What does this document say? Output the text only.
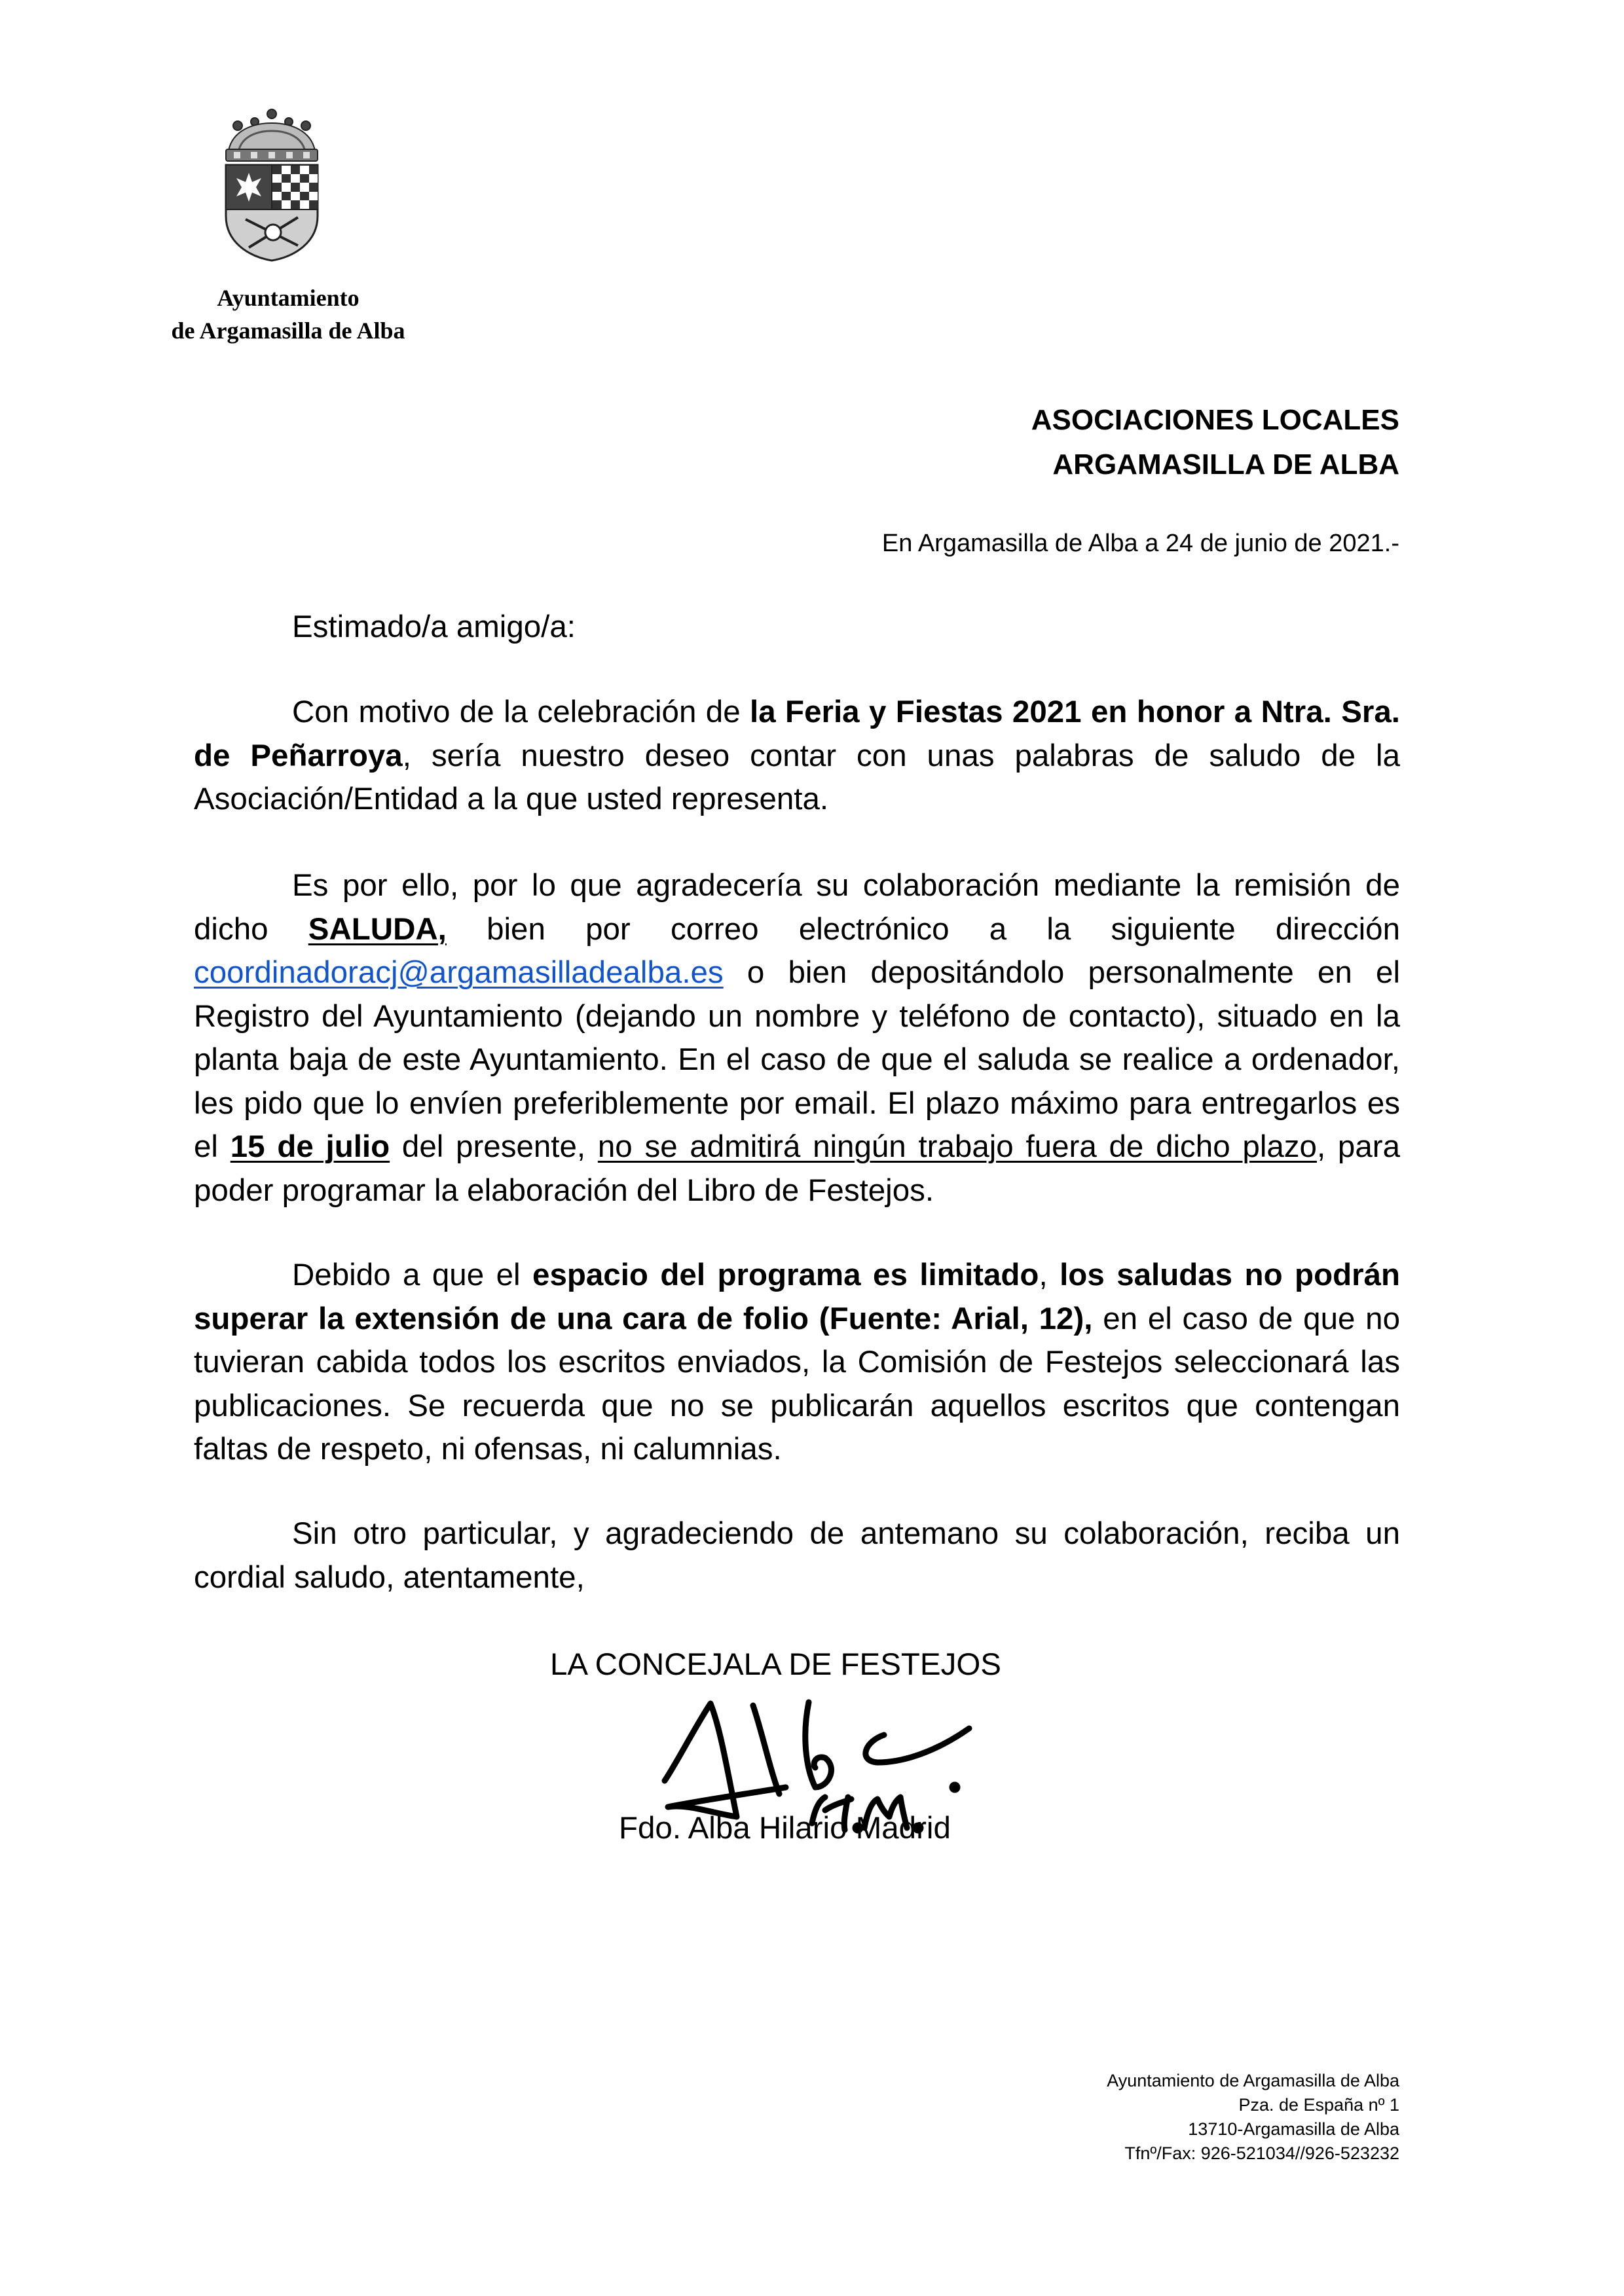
Ayuntamiento
de Argamasilla de Alba
ASOCIACIONES LOCALES
ARGAMASILLA DE ALBA
En Argamasilla de Alba a 24 de junio de 2021.-
Estimado/a amigo/a:

Con motivo de la celebración de la Feria y Fiestas 2021 en honor a Ntra. Sra. de Peñarroya, sería nuestro deseo contar con unas palabras de saludo de la Asociación/Entidad a la que usted representa.

Es por ello, por lo que agradecería su colaboración mediante la remisión de dicho SALUDA, bien por correo electrónico a la siguiente dirección coordinadoracj@argamasilladealba.es o bien depositándolo personalmente en el Registro del Ayuntamiento (dejando un nombre y teléfono de contacto), situado en la planta baja de este Ayuntamiento. En el caso de que el saluda se realice a ordenador, les pido que lo envíen preferiblemente por email. El plazo máximo para entregarlos es el 15 de julio del presente, no se admitirá ningún trabajo fuera de dicho plazo, para poder programar la elaboración del Libro de Festejos.

Debido a que el espacio del programa es limitado, los saludas no podrán superar la extensión de una cara de folio (Fuente: Arial, 12), en el caso de que no tuvieran cabida todos los escritos enviados, la Comisión de Festejos seleccionará las publicaciones. Se recuerda que no se publicarán aquellos escritos que contengan faltas de respeto, ni ofensas, ni calumnias.

Sin otro particular, y agradeciendo de antemano su colaboración, reciba un cordial saludo, atentamente,

LA CONCEJALA DE FESTEJOS
Fdo. Alba Hilario Madrid
Ayuntamiento de Argamasilla de Alba
Pza. de España nº 1
13710-Argamasilla de Alba
Tfnº/Fax: 926-521034//926-523232
